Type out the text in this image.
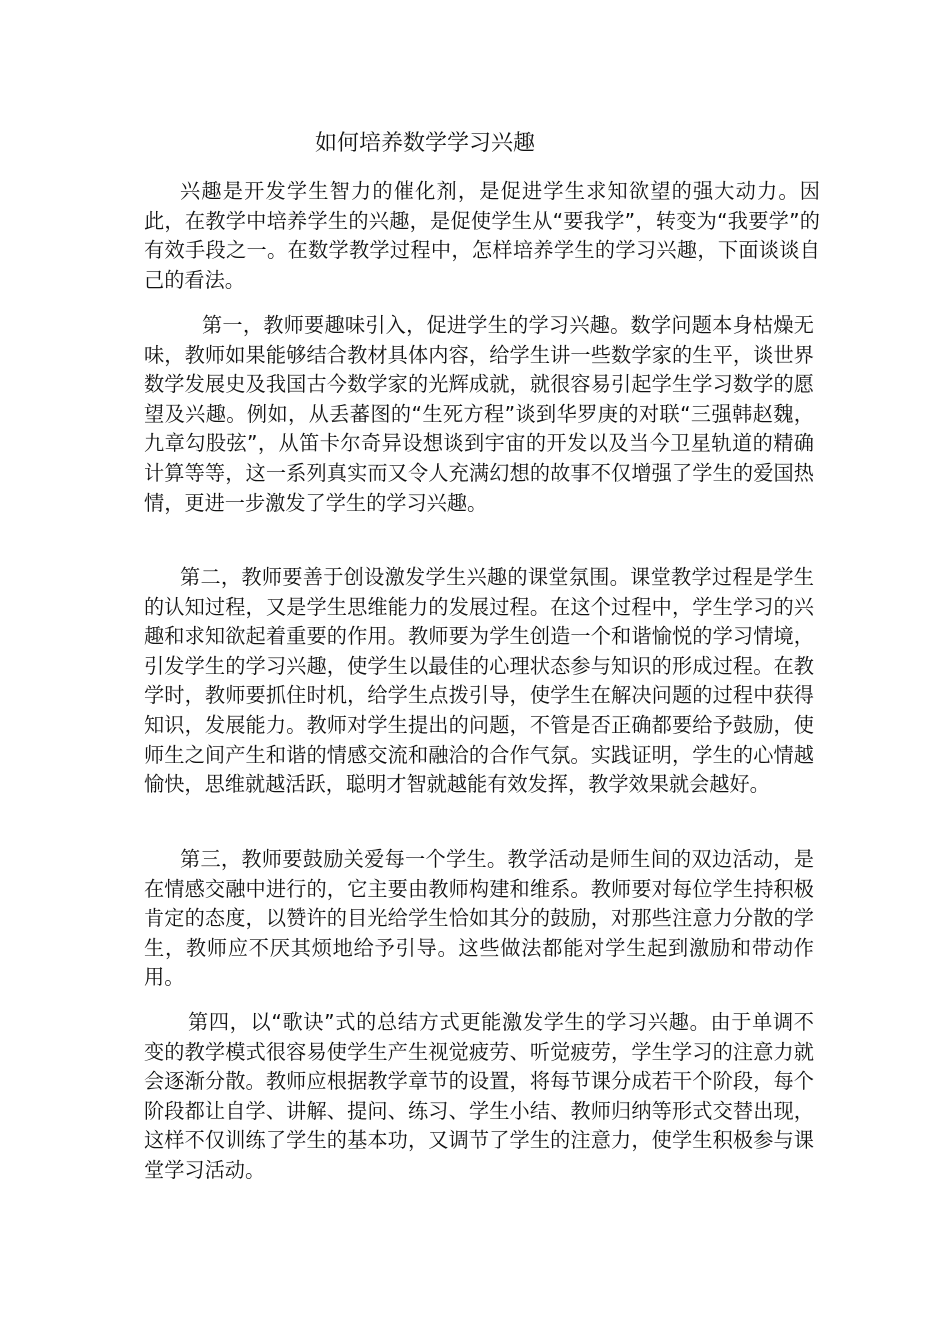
如何培养数学学习兴趣

兴趣是开发学生智力的催化剂，是促进学生求知欲望的强大动力。因此，在教学中培养学生的兴趣，是促使学生从“要我学”，转变为“我要学”的有效手段之一。在数学教学过程中，怎样培养学生的学习兴趣，下面谈谈自己的看法。

第一，教师要趣味引入，促进学生的学习兴趣。数学问题本身枯燥无味，教师如果能够结合教材具体内容，给学生讲一些数学家的生平，谈世界数学发展史及我国古今数学家的光辉成就，就很容易引起学生学习数学的愿望及兴趣。例如，从丢蕃图的“生死方程”谈到华罗庚的对联“三强韩赵魏，九章勾股弦”，从笛卡尔奇异设想谈到宇宙的开发以及当今卫星轨道的精确计算等等，这一系列真实而又令人充满幻想的故事不仅增强了学生的爱国热情，更进一步激发了学生的学习兴趣。

第二，教师要善于创设激发学生兴趣的课堂氛围。课堂教学过程是学生的认知过程，又是学生思维能力的发展过程。在这个过程中，学生学习的兴趣和求知欲起着重要的作用。教师要为学生创造一个和谐愉悦的学习情境，引发学生的学习兴趣，使学生以最佳的心理状态参与知识的形成过程。在教学时，教师要抓住时机，给学生点拨引导，使学生在解决问题的过程中获得知识，发展能力。教师对学生提出的问题，不管是否正确都要给予鼓励，使师生之间产生和谐的情感交流和融洽的合作气氛。实践证明，学生的心情越愉快，思维就越活跃，聪明才智就越能有效发挥，教学效果就会越好。

第三，教师要鼓励关爱每一个学生。教学活动是师生间的双边活动，是在情感交融中进行的，它主要由教师构建和维系。教师要对每位学生持积极肯定的态度，以赞许的目光给学生恰如其分的鼓励，对那些注意力分散的学生，教师应不厌其烦地给予引导。这些做法都能对学生起到激励和带动作用。

第四，以“歌诀”式的总结方式更能激发学生的学习兴趣。由于单调不变的教学模式很容易使学生产生视觉疲劳、听觉疲劳，学生学习的注意力就会逐渐分散。教师应根据教学章节的设置，将每节课分成若干个阶段，每个阶段都让自学、讲解、提问、练习、学生小结、教师归纳等形式交替出现，这样不仅训练了学生的基本功，又调节了学生的注意力，使学生积极参与课堂学习活动。
